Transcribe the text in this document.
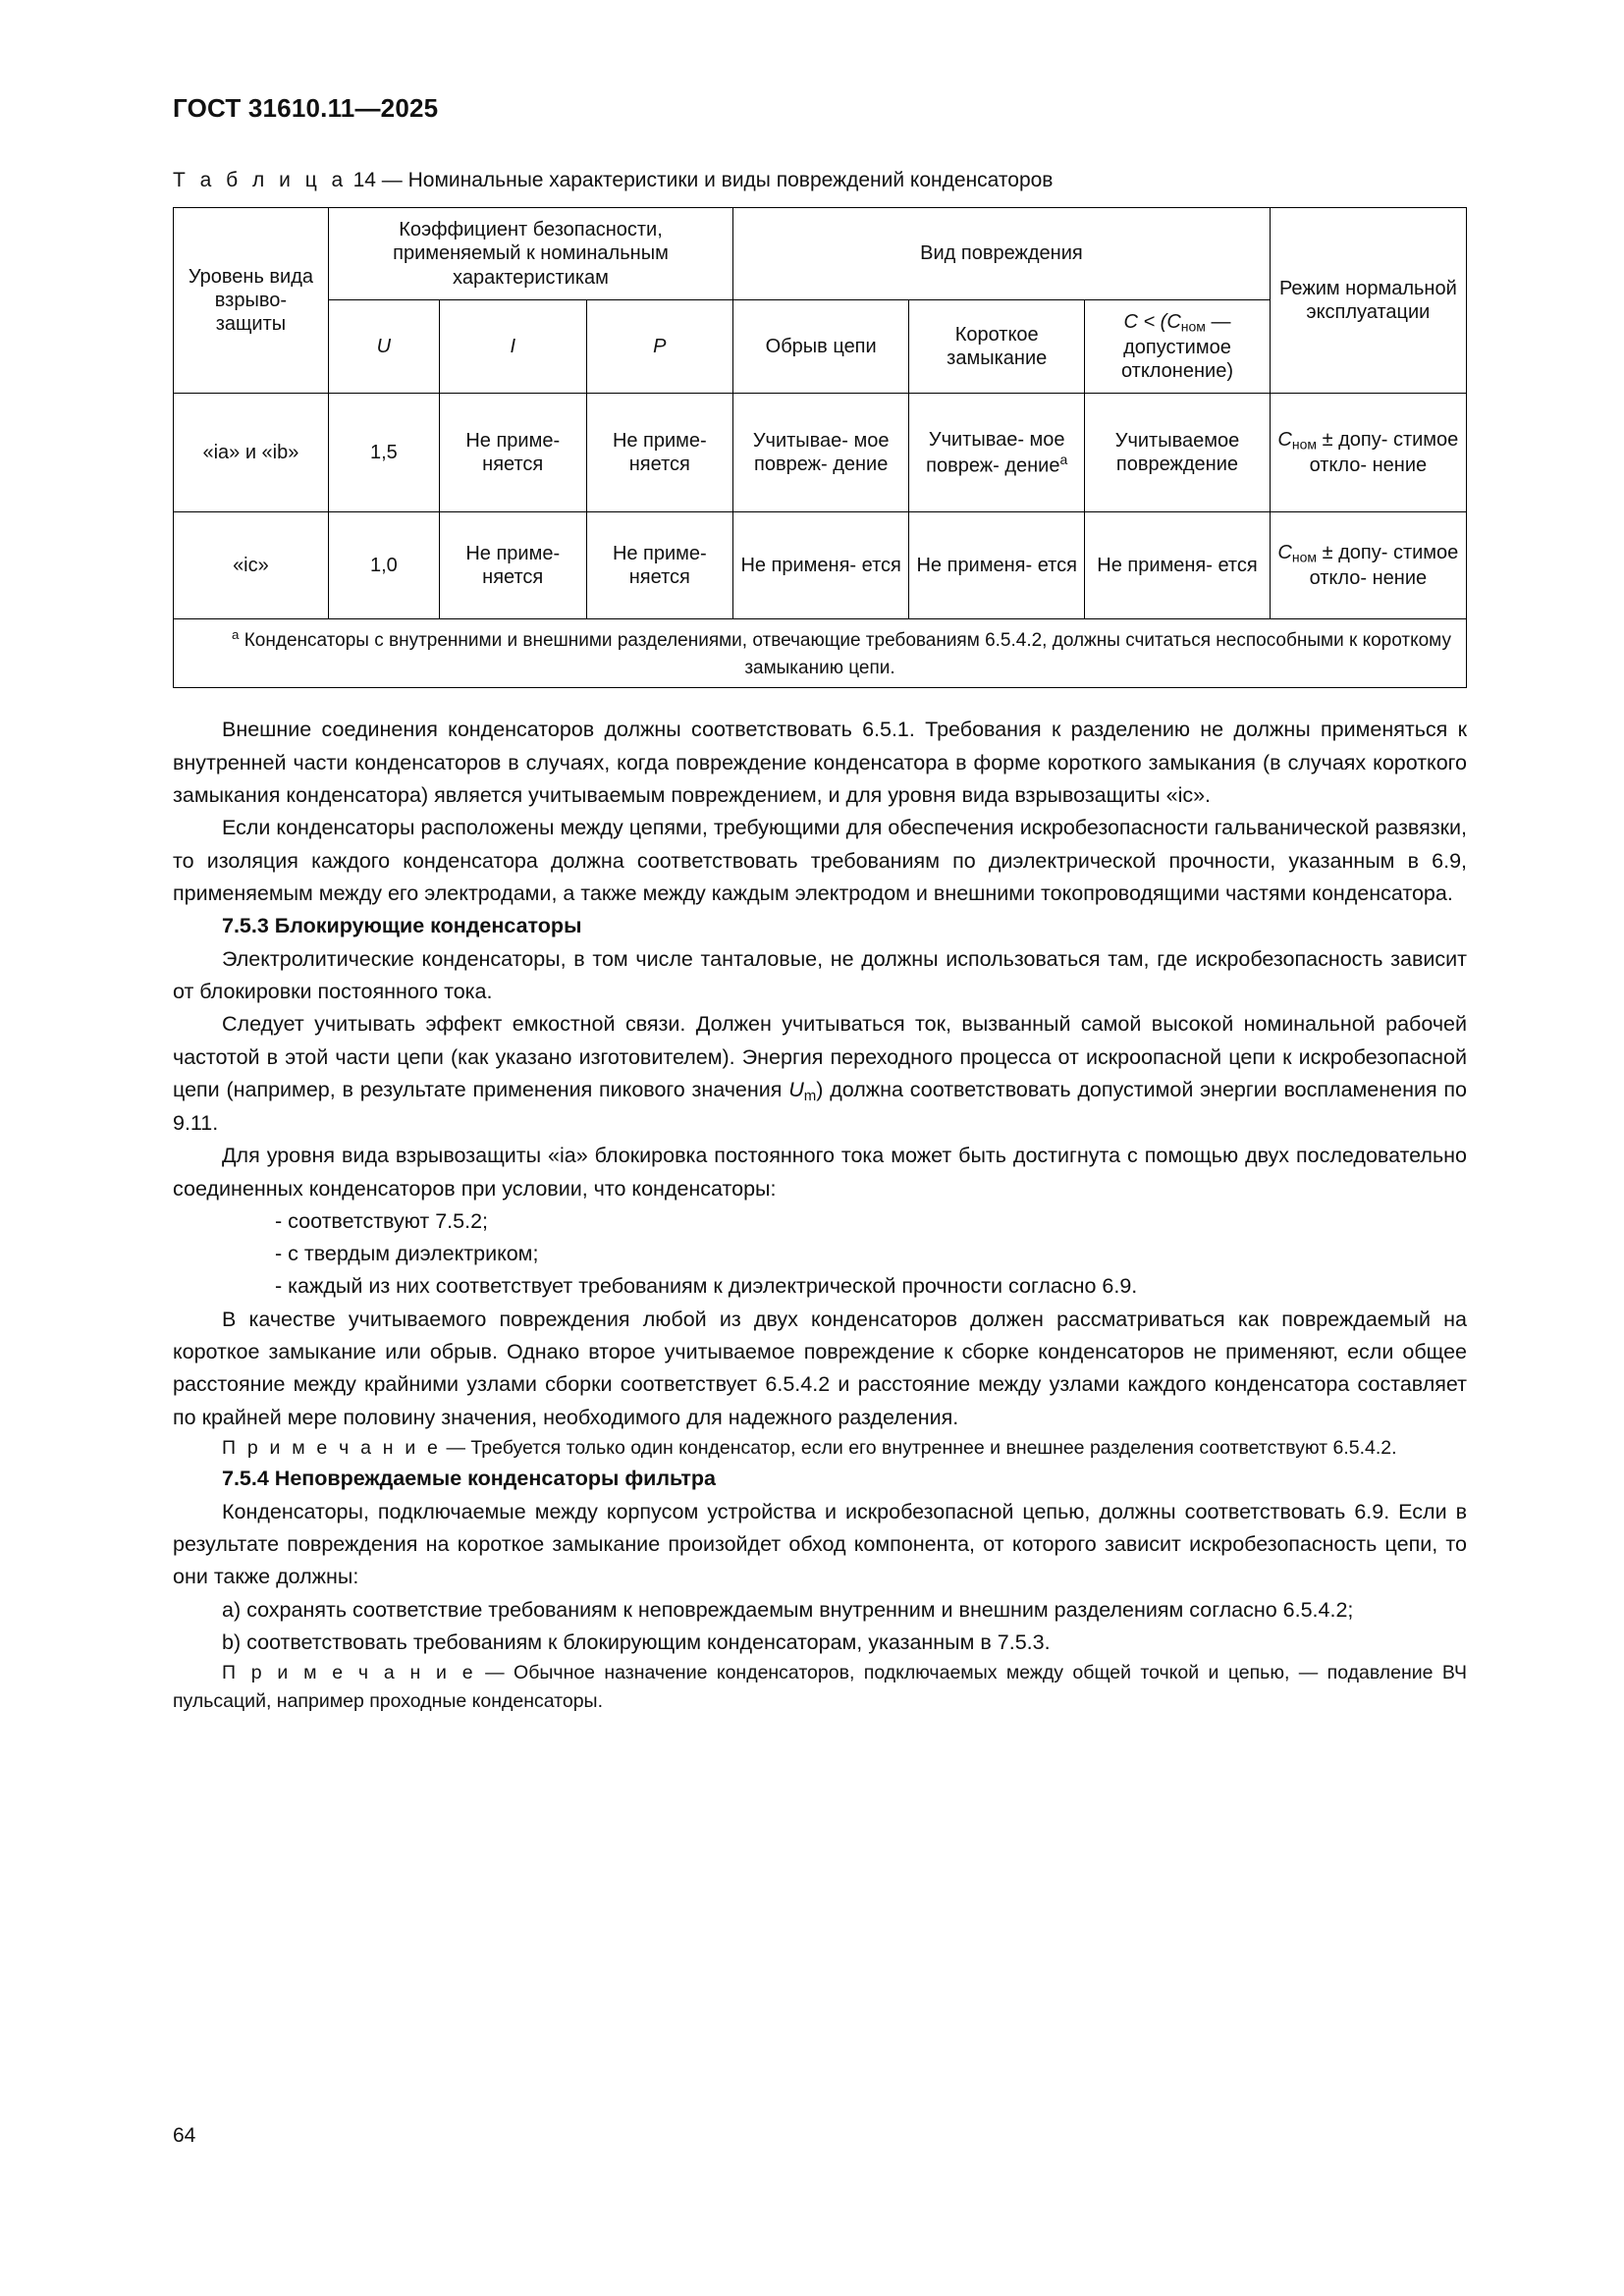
ГОСТ 31610.11—2025
Т а б л и ц а 14 — Номинальные характеристики и виды повреждений конденсаторов
Уровень вида взрыво- защиты	Коэффициент безопасности, применяемый к номинальным характеристикам			Вид повреждения			Режим нормальной эксплуатации
	U	I	P	Обрыв цепи	Короткое замыкание	$C < (C_{ном}$ — допустимое отклонение)	
«ia» и «ib»	1,5	Не приме- няется	Не приме- няется	Учитывае- мое повреж- дение	Учитывае- мое повреж- дение$^a$	Учитываемое повреждение	$C_{ном}$ ± допу- стимое откло- нение
«ic»	1,0	Не приме- няется	Не приме- няется	Не применя- ется	Не применя- ется	Не применя- ется	$C_{ном}$ ± допу- стимое откло- нение
$^a$ Конденсаторы с внутренними и внешними разделениями, отвечающие требованиям 6.5.4.2, должны считаться неспособными к короткому замыканию цепи.							

Внешние соединения конденсаторов должны соответствовать 6.5.1. Требования к разделению не должны применяться к внутренней части конденсаторов в случаях, когда повреждение конденсатора в форме короткого замыкания (в случаях короткого замыкания конденсатора) является учитываемым повреждением, и для уровня вида взрывозащиты «ic».

Если конденсаторы расположены между цепями, требующими для обеспечения искробезопасности гальванической развязки, то изоляция каждого конденсатора должна соответствовать требованиям по диэлектрической прочности, указанным в 6.9, применяемым между его электродами, а также между каждым электродом и внешними токопроводящими частями конденсатора.

7.5.3 Блокирующие конденсаторы

Электролитические конденсаторы, в том числе танталовые, не должны использоваться там, где искробезопасность зависит от блокировки постоянного тока.

Следует учитывать эффект емкостной связи. Должен учитываться ток, вызванный самой высокой номинальной рабочей частотой в этой части цепи (как указано изготовителем). Энергия переходного процесса от искроопасной цепи к искробезопасной цепи (например, в результате применения пикового значения $U_m$) должна соответствовать допустимой энергии воспламенения по 9.11.

Для уровня вида взрывозащиты «ia» блокировка постоянного тока может быть достигнута с помощью двух последовательно соединенных конденсаторов при условии, что конденсаторы:

- соответствуют 7.5.2;

- с твердым диэлектриком;

- каждый из них соответствует требованиям к диэлектрической прочности согласно 6.9.

В качестве учитываемого повреждения любой из двух конденсаторов должен рассматриваться как повреждаемый на короткое замыкание или обрыв. Однако второе учитываемое повреждение к сборке конденсаторов не применяют, если общее расстояние между крайними узлами сборки соответствует 6.5.4.2 и расстояние между узлами каждого конденсатора составляет по крайней мере половину значения, необходимого для надежного разделения.

П р и м е ч а н и е — Требуется только один конденсатор, если его внутреннее и внешнее разделения соответствуют 6.5.4.2.

7.5.4 Неповреждаемые конденсаторы фильтра

Конденсаторы, подключаемые между корпусом устройства и искробезопасной цепью, должны соответствовать 6.9. Если в результате повреждения на короткое замыкание произойдет обход компонента, от которого зависит искробезопасность цепи, то они также должны:

a) сохранять соответствие требованиям к неповреждаемым внутренним и внешним разделениям согласно 6.5.4.2;

b) соответствовать требованиям к блокирующим конденсаторам, указанным в 7.5.3.

П р и м е ч а н и е — Обычное назначение конденсаторов, подключаемых между общей точкой и цепью, — подавление ВЧ пульсаций, например проходные конденсаторы.

64
